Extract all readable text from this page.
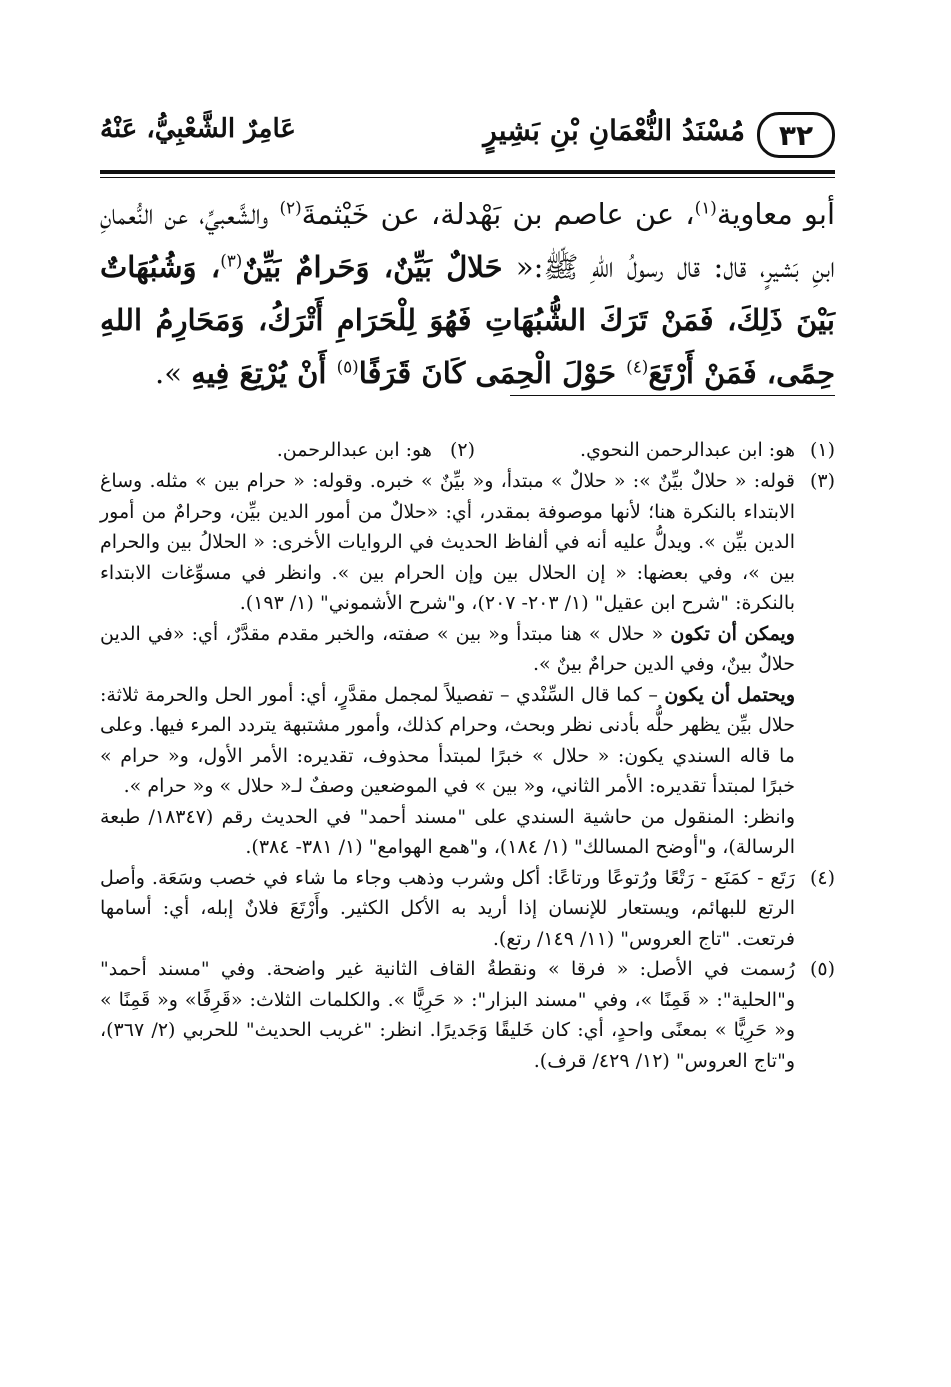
٣٢
مُسْنَدُ النُّعْمَانِ بْنِ بَشِيرٍ
عَامِرٌ الشَّعْبِيُّ، عَنْهُ

أبو معاوية$^{(١)}$، عن عاصم بن بَهْدلة، عن خَيْثمةَ$^{(٢)}$ والشَّعبيِّ، عن النُّعمانِ ابنِ بَشيرٍ، قال: قال رسولُ اللهِ ﷺ:« حَلالٌ بَيِّنٌ، وَحَرامٌ بَيِّنٌ$^{(٣)}$، وَشُبُهَاتٌ بَيْنَ ذَلِكَ، فَمَنْ تَرَكَ الشُّبُهَاتِ فَهُوَ لِلْحَرَامِ أَتْرَكُ، وَمَحَارِمُ اللهِ حِمًى، فَمَنْ أَرْتَعَ$^{(٤)}$ حَوْلَ الْحِمَى كَانَ قَرَفًا$^{(٥)}$ أَنْ يُرْتِعَ فِيهِ ».

(١)
هو: ابن عبدالرحمن النحوي.
(٢) هو: ابن عبدالرحمن.
(٣)

قوله: « حلالٌ بيِّنٌ »: « حلالٌ » مبتدأ، و« بيِّنٌ » خبره. وقوله: « حرام بين » مثله. وساغ الابتداء بالنكرة هنا؛ لأنها موصوفة بمقدر، أي: «حلالٌ من أمور الدين بيِّن، وحرامٌ من أمور الدين بيِّن ». ويدلُّ عليه أنه في ألفاظ الحديث في الروايات الأخرى: « الحلالُ بين والحرام بين »، وفي بعضها: « إن الحلال بين وإن الحرام بين ». وانظر في مسوِّغات الابتداء بالنكرة: "شرح ابن عقيل" (١/ ٢٠٣- ٢٠٧)، و"شرح الأشموني" (١/ ١٩٣).

ويمكن أن تكون « حلال » هنا مبتدأ و« بين » صفته، والخبر مقدم مقدَّرٌ، أي: «في الدين حلالٌ بينٌ، وفي الدين حرامٌ بينٌ ».

ويحتمل أن يكون – كما قال السِّنْدي – تفصيلاً لمجمل مقدَّرٍ، أي: أمور الحل والحرمة ثلاثة: حلال بيِّن يظهر حلُّه بأدنى نظر وبحث، وحرام كذلك، وأمور مشتبهة يتردد المرء فيها. وعلى ما قاله السندي يكون: « حلال » خبرًا لمبتدأ محذوف، تقديره: الأمر الأول، و« حرام » خبرًا لمبتدأ تقديره: الأمر الثاني، و« بين » في الموضعين وصفٌ لـ« حلال » و« حرام ».

وانظر: المنقول من حاشية السندي على "مسند أحمد" في الحديث رقم (١٨٣٤٧/ طبعة الرسالة)، و"أوضح المسالك" (١/ ١٨٤)، و"همع الهوامع" (١/ ٣٨١- ٣٨٤).

(٤)

رَتَع - كمَنَع - رَتْعًا ورُتوعًا ورتاعًا: أكل وشرب وذهب وجاء ما شاء في خصب وسَعَة. وأصل الرتع للبهائم، ويستعار للإنسان إذا أريد به الأكل الكثير. وأَرْتَعَ فلانٌ إبله، أي: أسامها فرتعت. "تاج العروس" (١١/ ١٤٩/ رتع).

(٥)

رُسمت في الأصل: « فرقا » ونقطةُ القاف الثانية غير واضحة. وفي "مسند أحمد" و"الحلية": « قَمِنًا »، وفي "مسند البزار": « حَرِيًّا ». والكلمات الثلاث: «قَرِفًا» و« قَمِنًا » و« حَرِيًّا » بمعنًى واحدٍ، أي: كان خَليقًا وَجَديرًا. انظر: "غريب الحديث" للحربي (٢/ ٣٦٧)، و"تاج العروس" (١٢/ ٤٢٩/ قرف).
